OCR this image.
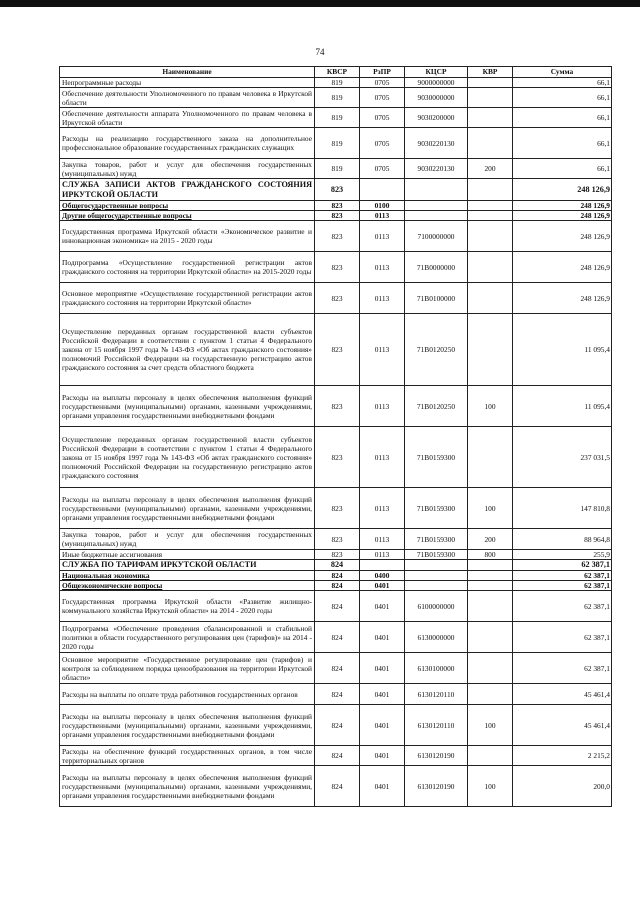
74
Наименование	КВСР	РзПР	КЦСР	КВР	Сумма
Непрограммные расходы	819	0705	9000000000		66,1
Обеспечение деятельности Уполномоченного по правам человека в Иркутской области	819	0705	9030000000		66,1
Обеспечение деятельности аппарата Уполномоченного по правам человека в Иркутской области	819	0705	9030200000		66,1
Расходы на реализацию государственного заказа на дополнительное профессиональное образование государственных гражданских служащих	819	0705	9030220130		66,1
Закупка товаров, работ и услуг для обеспечения государственных (муниципальных) нужд	819	0705	9030220130	200	66,1
СЛУЖБА ЗАПИСИ АКТОВ ГРАЖДАНСКОГО СОСТОЯНИЯ ИРКУТСКОЙ ОБЛАСТИ	823				248 126,9
Общегосударственные вопросы	823	0100			248 126,9
Другие общегосударственные вопросы	823	0113			248 126,9
Государственная программа Иркутской области «Экономическое развитие и инновационная экономика» на 2015 - 2020 годы	823	0113	7100000000		248 126,9
Подпрограмма «Осуществление государственной регистрации актов гражданского состояния на территории Иркутской области» на 2015-2020 годы	823	0113	71В0000000		248 126,9
Основное мероприятие «Осуществление государственной регистрации актов гражданского состояния на территории Иркутской области»	823	0113	71В0100000		248 126,9
Осуществление переданных органам государственной власти субъектов Российской Федерации в соответствии с пунктом 1 статьи 4 Федерального закона от 15 ноября 1997 года № 143-ФЗ «Об актах гражданского состояния» полномочий Российской Федерации на государственную регистрацию актов гражданского состояния за счет средств областного бюджета	823	0113	71В0120250		11 095,4
Расходы на выплаты персоналу в целях обеспечения выполнения функций государственными (муниципальными) органами, казенными учреждениями, органами управления государственными внебюджетными фондами	823	0113	71В0120250	100	11 095,4
Осуществление переданных органам государственной власти субъектов Российской Федерации в соответствии с пунктом 1 статьи 4 Федерального закона от 15 ноября 1997 года № 143-ФЗ «Об актах гражданского состояния» полномочий Российской Федерации на государственную регистрацию актов гражданского состояния	823	0113	71В0159300		237 031,5
Расходы на выплаты персоналу в целях обеспечения выполнения функций государственными (муниципальными) органами, казенными учреждениями, органами управления государственными внебюджетными фондами	823	0113	71В0159300	100	147 810,8
Закупка товаров, работ и услуг для обеспечения государственных (муниципальных) нужд	823	0113	71В0159300	200	88 964,8
Иные бюджетные ассигнования	823	0113	71В0159300	800	255,9
СЛУЖБА ПО ТАРИФАМ ИРКУТСКОЙ ОБЛАСТИ	824				62 387,1
Национальная экономика	824	0400			62 387,1
Общеэкономические вопросы	824	0401			62 387,1
Государственная программа Иркутской области «Развитие жилищно-коммунального хозяйства Иркутской области» на 2014 - 2020 годы	824	0401	6100000000		62 387,1
Подпрограмма «Обеспечение проведения сбалансированной и стабильной политики в области государственного регулирования цен (тарифов)» на 2014 - 2020 годы	824	0401	6130000000		62 387,1
Основное мероприятие «Государственное регулирование цен (тарифов) и контроля за соблюдением порядка ценообразования на территории Иркутской области»	824	0401	6130100000		62 387,1
Расходы на выплаты по оплате труда работников государственных органов	824	0401	6130120110		45 461,4
Расходы на выплаты персоналу в целях обеспечения выполнения функций государственными (муниципальными) органами, казенными учреждениями, органами управления государственными внебюджетными фондами	824	0401	6130120110	100	45 461,4
Расходы на обеспечение функций государственных органов, в том числе территориальных органов	824	0401	6130120190		2 215,2
Расходы на выплаты персоналу в целях обеспечения выполнения функций государственными (муниципальными) органами, казенными учреждениями, органами управления государственными внебюджетными фондами	824	0401	6130120190	100	200,0
